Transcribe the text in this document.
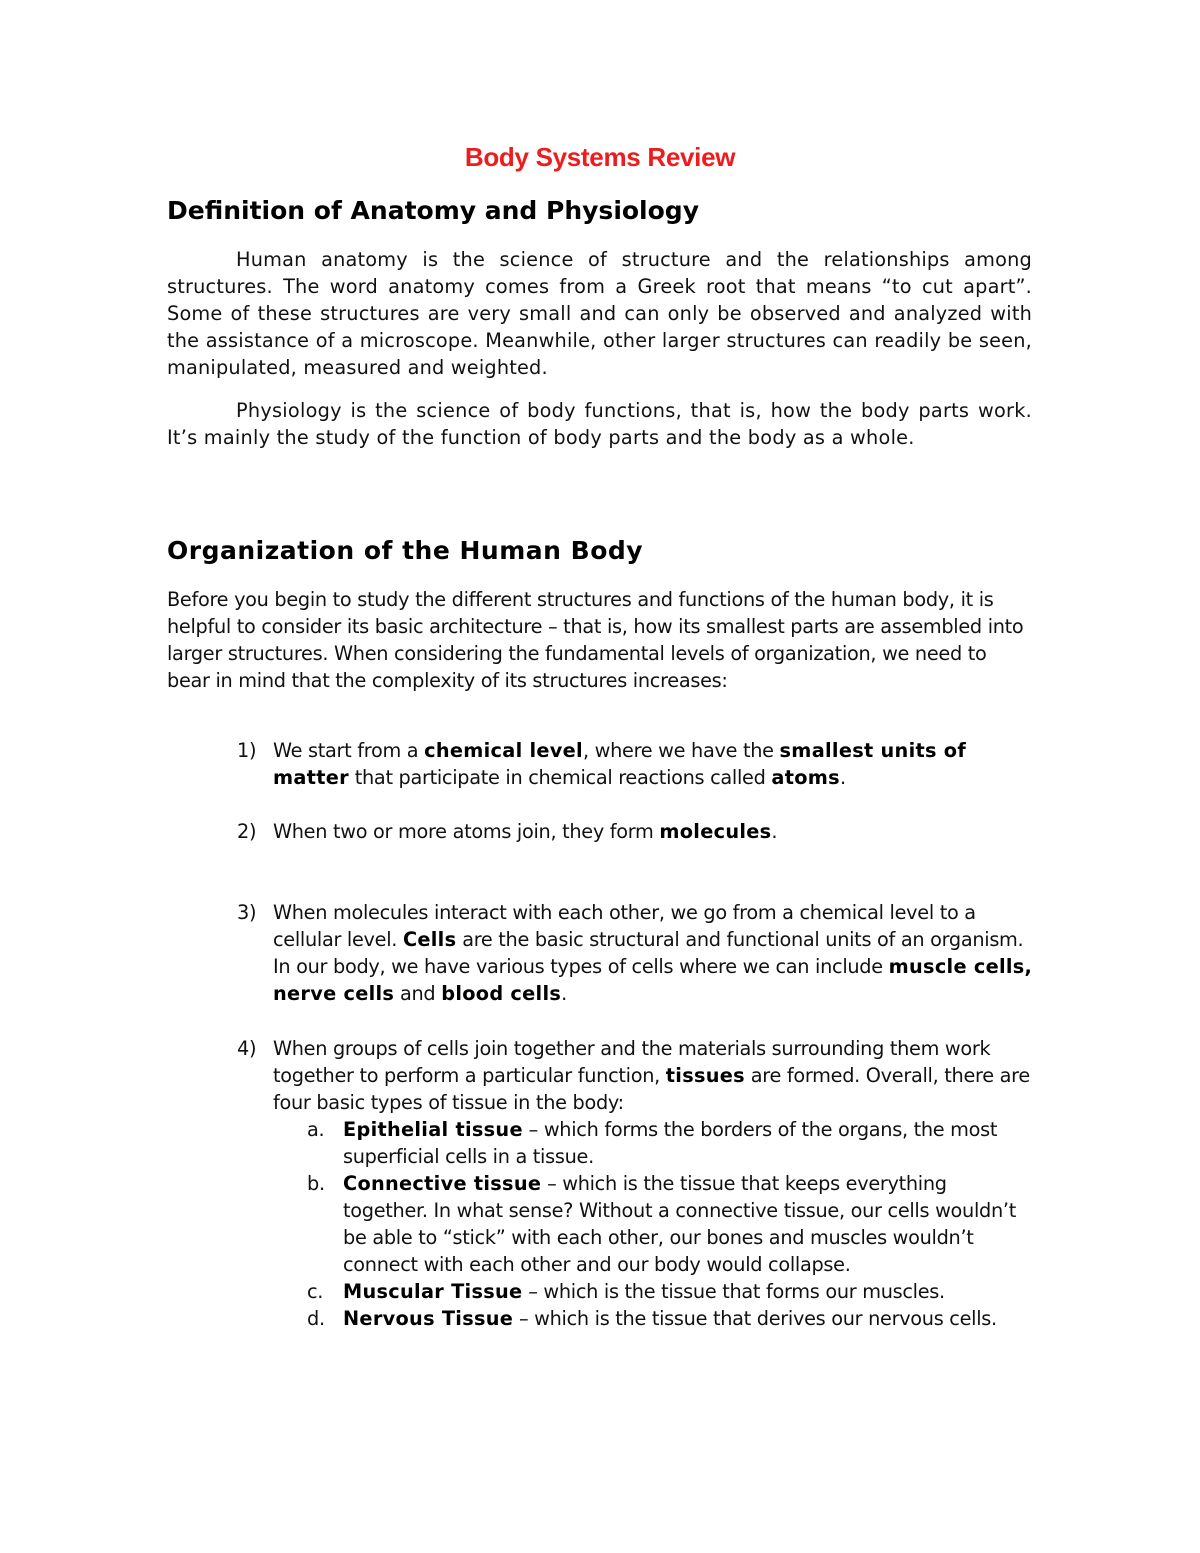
Body Systems Review
Definition of Anatomy and Physiology
Human anatomy is the science of structure and the relationships among structures. The word anatomy comes from a Greek root that means “to cut apart”. Some of these structures are very small and can only be observed and analyzed with the assistance of a microscope. Meanwhile, other larger structures can readily be seen, manipulated, measured and weighted.
Physiology is the science of body functions, that is, how the body parts work. It’s mainly the study of the function of body parts and the body as a whole.
Organization of the Human Body
Before you begin to study the different structures and functions of the human body, it is helpful to consider its basic architecture – that is, how its smallest parts are assembled into larger structures. When considering the fundamental levels of organization, we need to bear in mind that the complexity of its structures increases:
1) We start from a chemical level, where we have the smallest units of matter that participate in chemical reactions called atoms.
2) When two or more atoms join, they form molecules.
3) When molecules interact with each other, we go from a chemical level to a cellular level. Cells are the basic structural and functional units of an organism. In our body, we have various types of cells where we can include muscle cells, nerve cells and blood cells.
4) When groups of cells join together and the materials surrounding them work together to perform a particular function, tissues are formed. Overall, there are four basic types of tissue in the body:
a. Epithelial tissue – which forms the borders of the organs, the most superficial cells in a tissue.
b. Connective tissue – which is the tissue that keeps everything together. In what sense? Without a connective tissue, our cells wouldn’t be able to “stick” with each other, our bones and muscles wouldn’t connect with each other and our body would collapse.
c. Muscular Tissue – which is the tissue that forms our muscles.
d. Nervous Tissue – which is the tissue that derives our nervous cells.
